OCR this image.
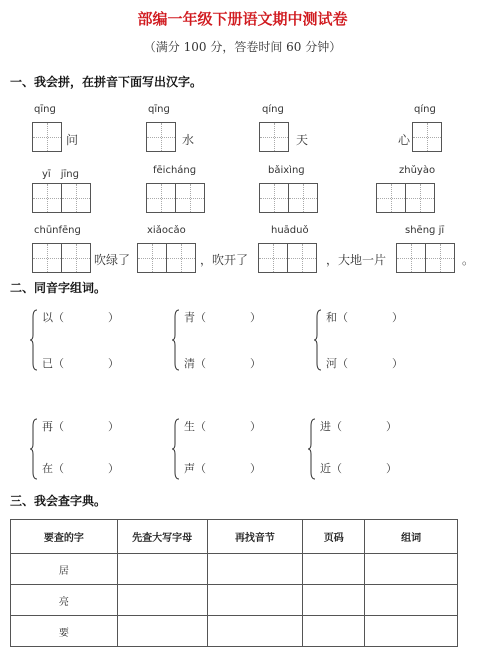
部编一年级下册语文期中测试卷
（满分 100 分，答卷时间 60 分钟）
一、我会拼，在拼音下面写出汉字。
qīnɡ
问
qīnɡ
水
qínɡ
天
qínɡ
心
yī　jīnɡ	fēichánɡ	bǎixìnɡ	zhǔyào
chūnfēnɡ
吹绿了
xiǎocǎo
，吹开了
huāduǒ
，大地一片
shēnɡ jī
。
二、同音字组词。
以（　　　　）
已（　　　　）
青（　　　　）
清（　　　　）
和（　　　　）
河（　　　　）
再（　　　　）
在（　　　　）
生（　　　　）
声（　　　　）
进（　　　　）
近（　　　　）
三、我会查字典。
要查的字	先查大写字母	再找音节	页码	组词
居				
亮				
要				
